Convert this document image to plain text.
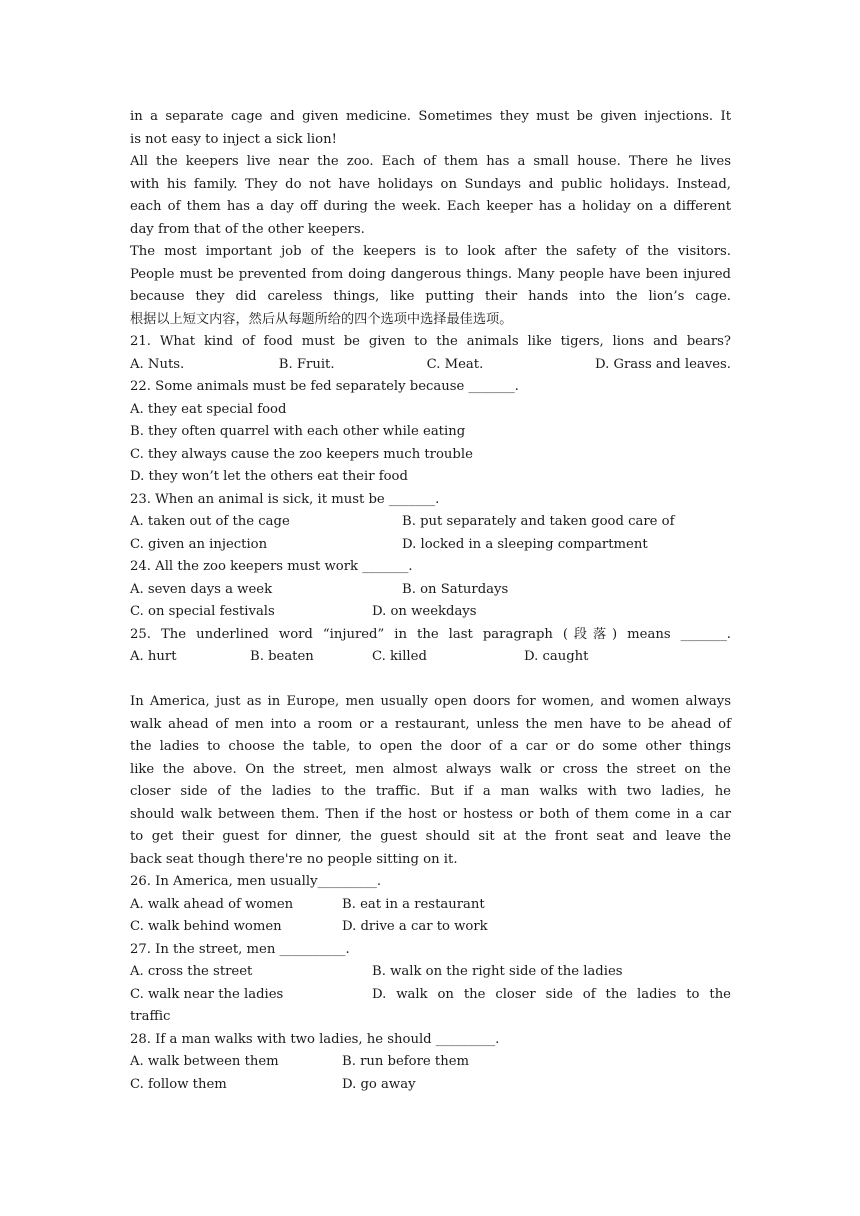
in a separate cage and given medicine. Sometimes they must be given injections. It
is not easy to inject a sick lion!
All the keepers live near the zoo. Each of them has a small house. There he lives
with his family. They do not have holidays on Sundays and public holidays. Instead,
each of them has a day off during the week. Each keeper has a holiday on a different
day from that of the other keepers.
The most important job of the keepers is to look after the safety of the visitors.
People must be prevented from doing dangerous things. Many people have been injured
because they did careless things, like putting their hands into the lion’s cage.
根据以上短文内容，然后从每题所给的四个选项中选择最佳选项。
21. What kind of food must be given to the animals like tigers, lions and bears?
A. Nuts.	B. Fruit.	C. Meat.	D. Grass and leaves.
22. Some animals must be fed separately because _______.
A. they eat special food
B. they often quarrel with each other while eating
C. they always cause the zoo keepers much trouble
D. they won’t let the others eat their food
23. When an animal is sick, it must be _______.
A. taken out of the cage	B. put separately and taken good care of
C. given an injection	D. locked in a sleeping compartment
24. All the zoo keepers must work _______.
A. seven days a week	B. on Saturdays
C. on special festivals	D. on weekdays
25. The underlined word “injured” in the last paragraph (段落) means _______.
A. hurt	B. beaten	C. killed	D. caught
In America, just as in Europe, men usually open doors for women, and women always
walk ahead of men into a room or a restaurant, unless the men have to be ahead of
the ladies to choose the table, to open the door of a car or do some other things
like the above. On the street, men almost always walk or cross the street on the
closer side of the ladies to the traffic. But if a man walks with two ladies, he
should walk between them. Then if the host or hostess or both of them come in a car
to get their guest for dinner, the guest should sit at the front seat and leave the
back seat though there're no people sitting on it.
26. In America, men usually_________.
A. walk ahead of women	B. eat in a restaurant
C. walk behind women	D. drive a car to work
27. In the street, men __________.
A. cross the street	B. walk on the right side of the ladies
C. walk near the ladies	D. walk on the closer side of the ladies to the
traffic
28. If a man walks with two ladies, he should _________.
A. walk between them	B. run before them
C. follow them	D. go away
